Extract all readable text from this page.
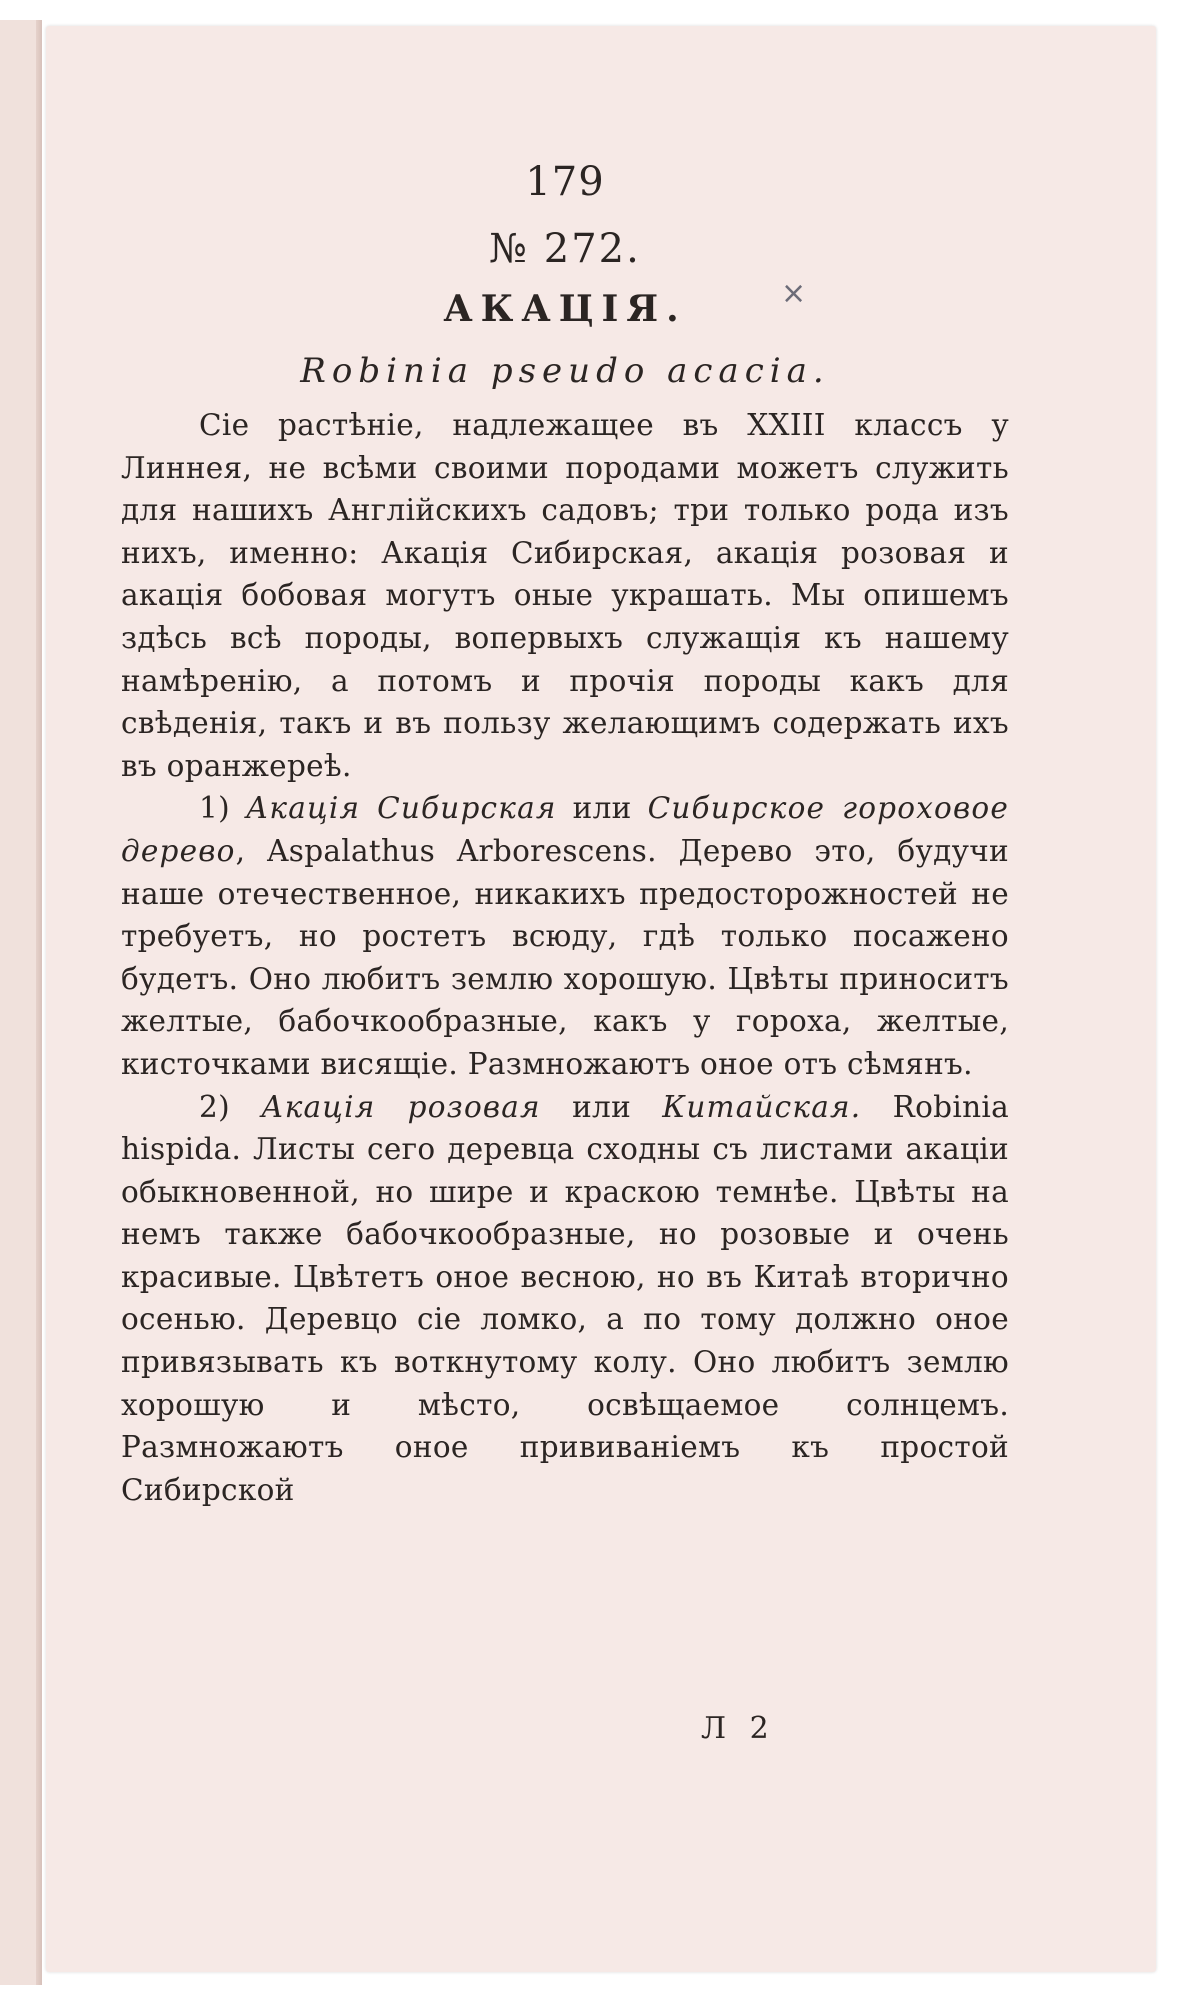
179
№ 272.
АКАЦІЯ.	×
Robinia pseudo acacia.

Сіе растѣніе, надлежащее въ XXIII классъ у Линнея, не всѣми своими породами можетъ служить для нашихъ Англійскихъ садовъ; три только рода изъ нихъ, именно: Акація Сибирская, акація розовая и акація бобовая могутъ оные украшать. Мы опишемъ здѣсь всѣ породы, вопервыхъ служащія къ нашему намѣренію, а потомъ и прочія породы какъ для свѣденія, такъ и въ пользу желающимъ содержать ихъ въ оранжереѣ.

1) Акація Сибирская или Сибирское гороховое дерево, Aspalathus Arborescens. Дерево это, будучи наше отечественное, никакихъ предосторожностей не требуетъ, но ростетъ всюду, гдѣ только посажено будетъ. Оно любитъ землю хорошую. Цвѣты приноситъ желтые, бабочкообразные, какъ у гороха, желтые, кисточками висящіе. Размножаютъ оное отъ сѣмянъ.

2) Акація розовая или Китайская. Robinia hispida. Листы сего деревца сходны съ листами акаціи обыкновенной, но шире и краскою темнѣе. Цвѣты на немъ также бабочкообразные, но розовые и очень красивые. Цвѣтетъ оное весною, но въ Китаѣ вторично осенью. Деревцо сіе ломко, а по тому должно оное привязывать къ воткнутому колу. Оно любитъ землю хорошую и мѣсто, освѣщаемое солнцемъ. Размножаютъ оное прививаніемъ къ простой Сибирской

Л 2
